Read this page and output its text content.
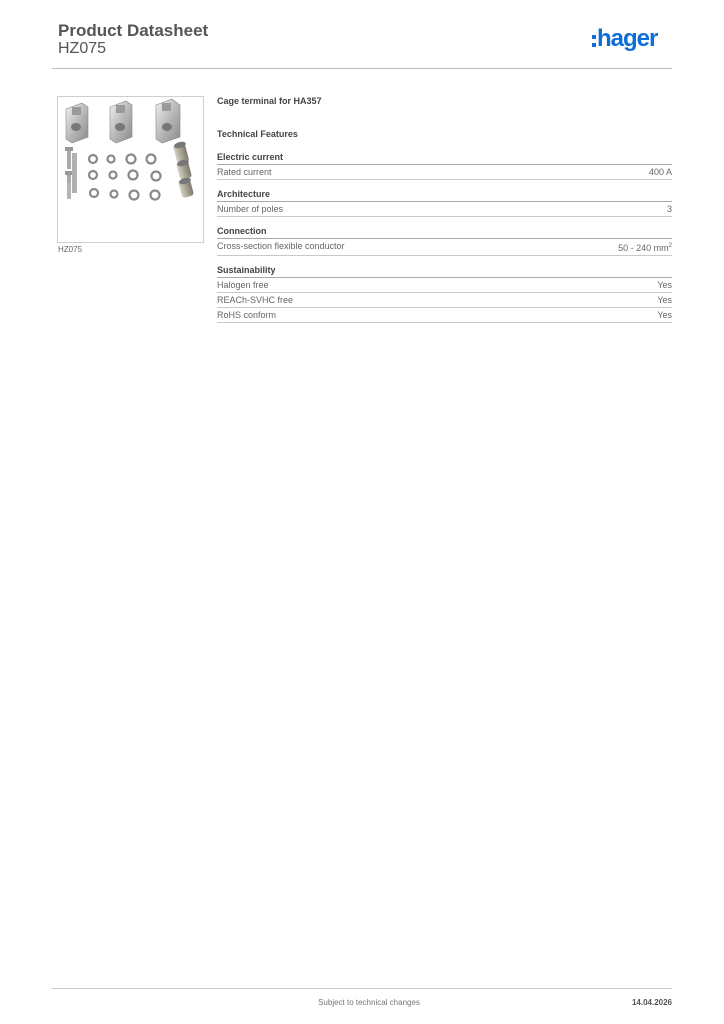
Product Datasheet
HZ075	hager
HZ075
Cage terminal for HA357
Technical Features
Electric current
Rated current	400 A
Architecture
Number of poles	3
Connection
Cross-section flexible conductor	50 - 240 $mm^2$
Sustainability
Halogen free	Yes
REACh-SVHC free	Yes
RoHS conform	Yes
Subject to technical changes	14.04.2026
